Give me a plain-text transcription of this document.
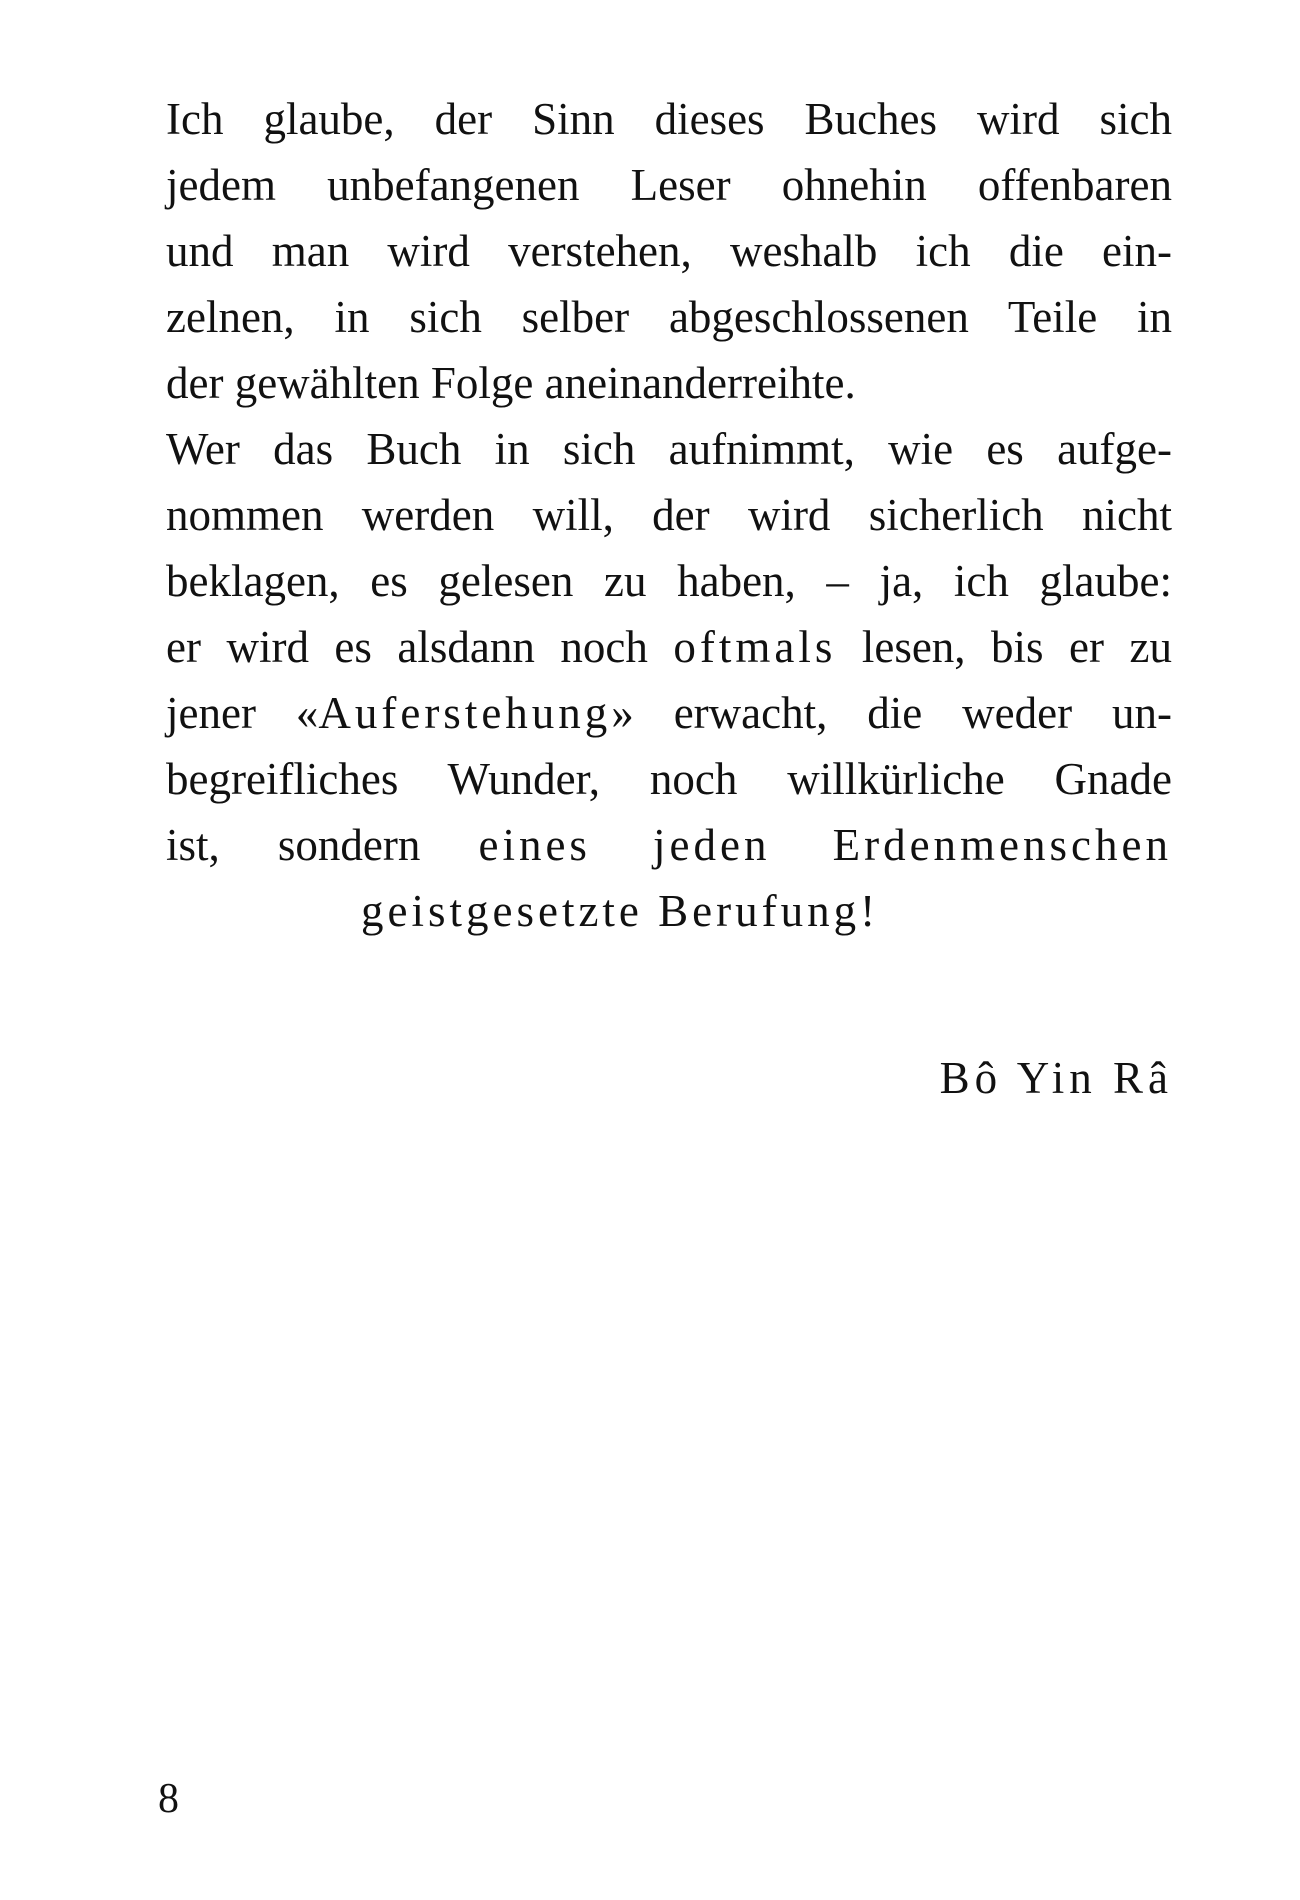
Ich glaube, der Sinn dieses Buches wird sich
jedem unbefangenen Leser ohnehin offenbaren
und man wird verstehen, weshalb ich die ein-
zelnen, in sich selber abgeschlossenen Teile in
der gewählten Folge aneinanderreihte.
Wer das Buch in sich aufnimmt, wie es aufge-
nommen werden will, der wird sicherlich nicht
beklagen, es gelesen zu haben, – ja, ich glaube:
er wird es alsdann noch oftmals lesen, bis er zu
jener «Auferstehung» erwacht, die weder un-
begreifliches Wunder, noch willkürliche Gnade
ist, sondern eines jeden Erdenmenschen
geistgesetzte Berufung!
Bô Yin Râ
8
